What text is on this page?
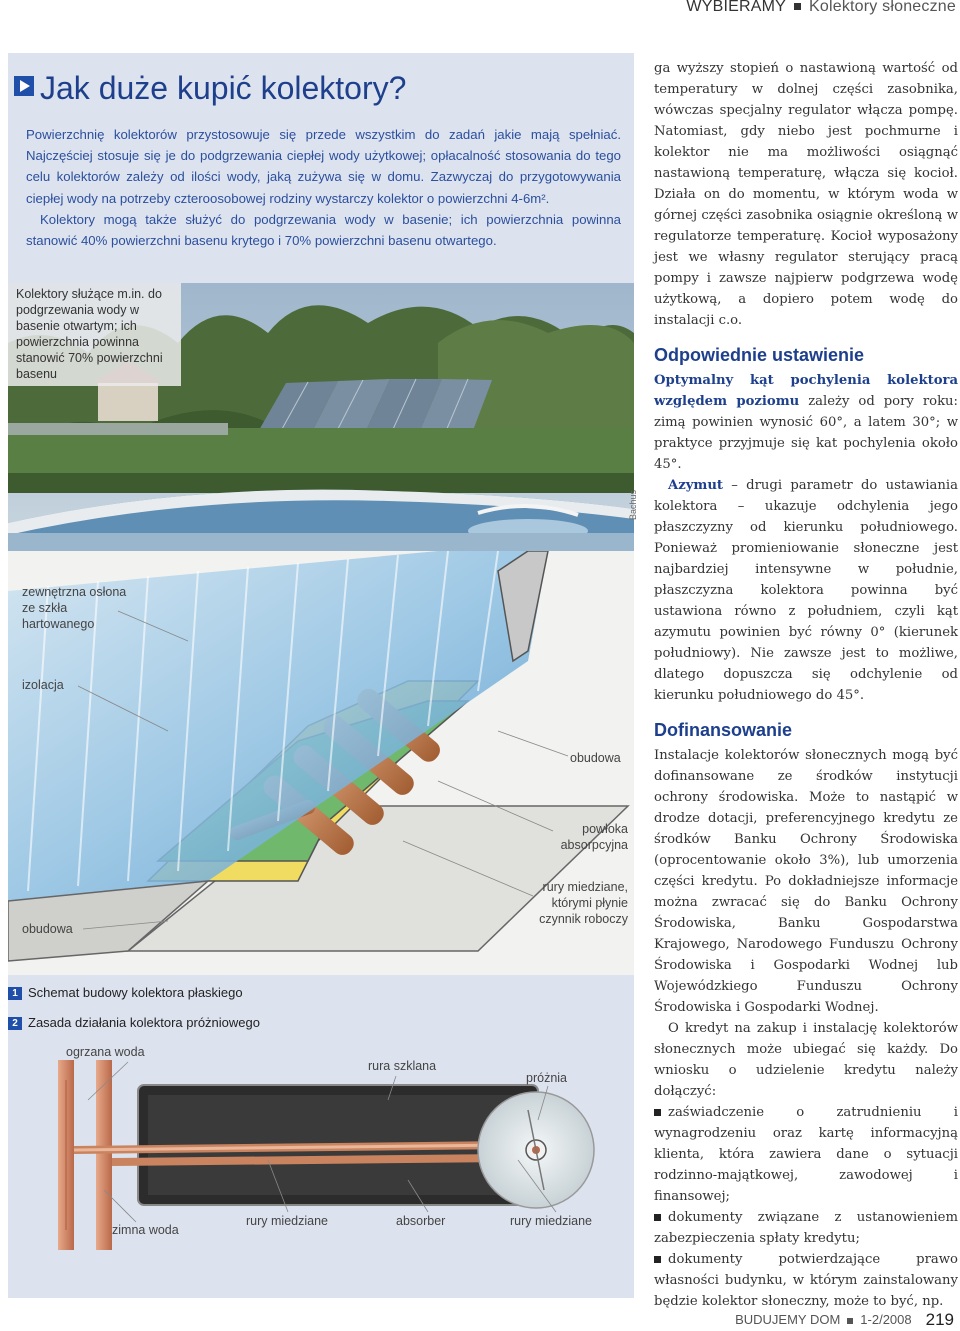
WYBIERAMY Kolektory słoneczne
Jak duże kupić kolektory?

Powierzchnię kolektorów przystosowuje się przede wszystkim do zadań jakie mają spełniać. Najczęściej stosuje się je do podgrzewania ciepłej wody użytkowej; opłacalność stosowania do tego celu kolektorów zależy od ilości wody, jaką zużywa się w domu. Zazwyczaj do przygotowywania ciepłej wody na potrzeby czteroosobowej rodziny wystarczy kolektor o powierzchni 4-6m².

Kolektory mogą także służyć do podgrzewania wody w basenie; ich powierzchnia powinna stanowić 40% powierzchni basenu krytego i 70% powierzchni basenu otwartego.

Kolektory służące m.in. do podgrzewania wody w basenie otwartym; ich powierzchnia powinna stanowić 70% powierzchni basenu
Bachus
zewnętrzna osłona ze szkła hartowanego
izolacja
obudowa
obudowa
powłoka absorpcyjna
rury miedziane, którymi płynie czynnik roboczy
1 Schemat budowy kolektora płaskiego
2 Zasada działania kolektora próżniowego
ogrzana woda
rura szklana
próżnia
zimna woda
rury miedziane	absorber	rury miedziane

ga wyższy stopień o nastawioną wartość od temperatury w dolnej części zasobnika, wówczas specjalny regulator włącza pompę. Natomiast, gdy niebo jest pochmurne i kolektor nie ma możliwości osiągnąć nastawioną temperaturę, włącza się kocioł. Działa on do momentu, w którym woda w górnej części zasobnika osiągnie określoną w regulatorze temperaturę. Kocioł wyposażony jest we własny regulator sterujący pracą pompy i zawsze najpierw podgrzewa wodę użytkową, a dopiero potem wodę do instalacji c.o.

Odpowiednie ustawienie

Optymalny kąt pochylenia kolektora względem poziomu zależy od pory roku: zimą powinien wynosić 60°, a latem 30°; w praktyce przyjmuje się kat pochylenia około 45°.

Azymut – drugi parametr do ustawiania kolektora – ukazuje odchylenia jego płaszczyzny od kierunku południowego. Ponieważ promieniowanie słoneczne jest najbardziej intensywne w południe, płaszczyzna kolektora powinna być ustawiona równo z południem, czyli kąt azymutu powinien być równy 0° (kierunek południowy). Nie zawsze jest to możliwe, dlatego dopuszcza się odchylenie od kierunku południowego do 45°.

Dofinansowanie

Instalacje kolektorów słonecznych mogą być dofinansowane ze środków instytucji ochrony środowiska. Może to nastąpić w drodze dotacji, preferencyjnego kredytu ze środków Banku Ochrony Środowiska (oprocentowanie około 3%), lub umorzenia części kredytu. Po dokładniejsze informacje można zwracać się do Banku Ochrony Środowiska, Banku Gospodarstwa Krajowego, Narodowego Funduszu Ochrony Środowiska i Gospodarki Wodnej lub Wojewódzkiego Funduszu Ochrony Środowiska i Gospodarki Wodnej.

O kredyt na zakup i instalację kolektorów słonecznych może ubiegać się każdy. Do wniosku o udzielenie kredytu należy dołączyć:

zaświadczenie o zatrudnieniu i wynagrodzeniu oraz kartę informacyjną klienta, która zawiera dane o sytuacji rodzinno-majątkowej, zawodowej i finansowej;

dokumenty związane z ustanowieniem zabezpieczenia spłaty kredytu;

dokumenty potwierdzające prawo własności budynku, w którym zainstalowany będzie kolektor słoneczny, może to być, np.

BUDUJEMY DOM 1-2/2008 219
